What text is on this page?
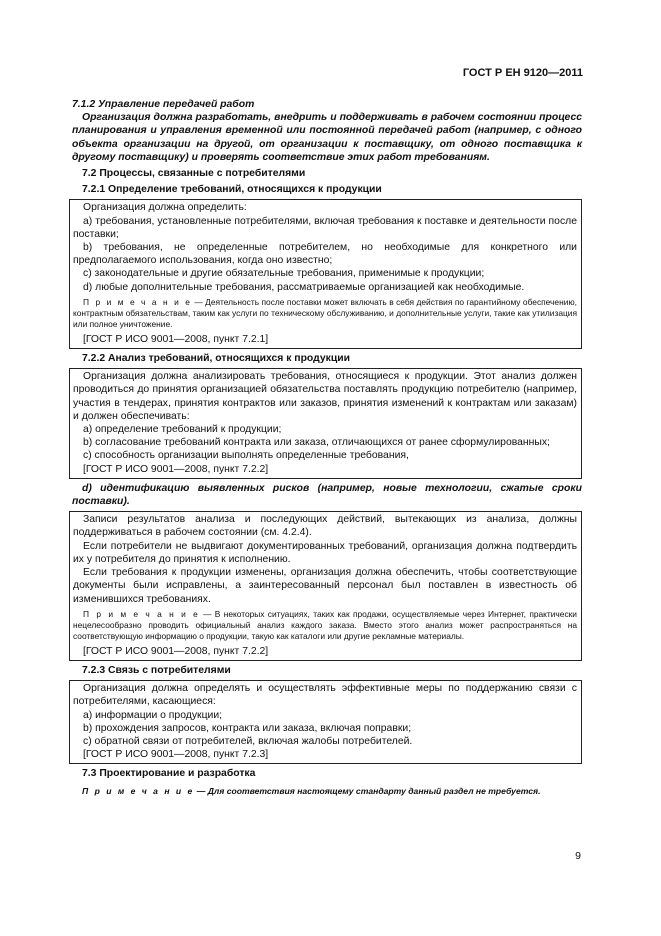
ГОСТ Р ЕН 9120—2011

7.1.2 Управление передачей работ

Организация должна разработать, внедрить и поддерживать в рабочем состоянии процесс планирования и управления временной или постоянной передачей работ (например, с одного объекта организации на другой, от организации к поставщику, от одного поставщика к другому поставщику) и проверять соответствие этих работ требованиям.

7.2 Процессы, связанные с потребителями

7.2.1 Определение требований, относящихся к продукции

Организация должна определить:

а) требования, установленные потребителями, включая требования к поставке и деятельности после поставки;

b) требования, не определенные потребителем, но необходимые для конкретного или предполагаемого использования, когда оно известно;

c) законодательные и другие обязательные требования, применимые к продукции;

d) любые дополнительные требования, рассматриваемые организацией как необходимые.

П р и м е ч а н и е — Деятельность после поставки может включать в себя действия по гарантийному обеспечению, контрактным обязательствам, таким как услуги по техническому обслуживанию, и дополнительные услуги, такие как утилизация или полное уничтожение.

[ГОСТ Р ИСО 9001—2008, пункт 7.2.1]

7.2.2 Анализ требований, относящихся к продукции

Организация должна анализировать требования, относящиеся к продукции. Этот анализ должен проводиться до принятия организацией обязательства поставлять продукцию потребителю (например, участия в тендерах, принятия контрактов или заказов, принятия изменений к контрактам или заказам) и должен обеспечивать:

а) определение требований к продукции;

b) согласование требований контракта или заказа, отличающихся от ранее сформулированных;

c) способность организации выполнять определенные требования,

[ГОСТ Р ИСО 9001—2008, пункт 7.2.2]

d) идентификацию выявленных рисков (например, новые технологии, сжатые сроки поставки).

Записи результатов анализа и последующих действий, вытекающих из анализа, должны поддерживаться в рабочем состоянии (см. 4.2.4).

Если потребители не выдвигают документированных требований, организация должна подтвердить их у потребителя до принятия к исполнению.

Если требования к продукции изменены, организация должна обеспечить, чтобы соответствующие документы были исправлены, а заинтересованный персонал был поставлен в известность об изменившихся требованиях.

П р и м е ч а н и е — В некоторых ситуациях, таких как продажи, осуществляемые через Интернет, практически нецелесообразно проводить официальный анализ каждого заказа. Вместо этого анализ может распространяться на соответствующую информацию о продукции, такую как каталоги или другие рекламные материалы.

[ГОСТ Р ИСО 9001—2008, пункт 7.2.2]

7.2.3 Связь с потребителями

Организация должна определять и осуществлять эффективные меры по поддержанию связи с потребителями, касающиеся:

а) информации о продукции;

b) прохождения запросов, контракта или заказа, включая поправки;

c) обратной связи от потребителей, включая жалобы потребителей.

[ГОСТ Р ИСО 9001—2008, пункт 7.2.3]

7.3 Проектирование и разработка

П р и м е ч а н и е — Для соответствия настоящему стандарту данный раздел не требуется.

9
